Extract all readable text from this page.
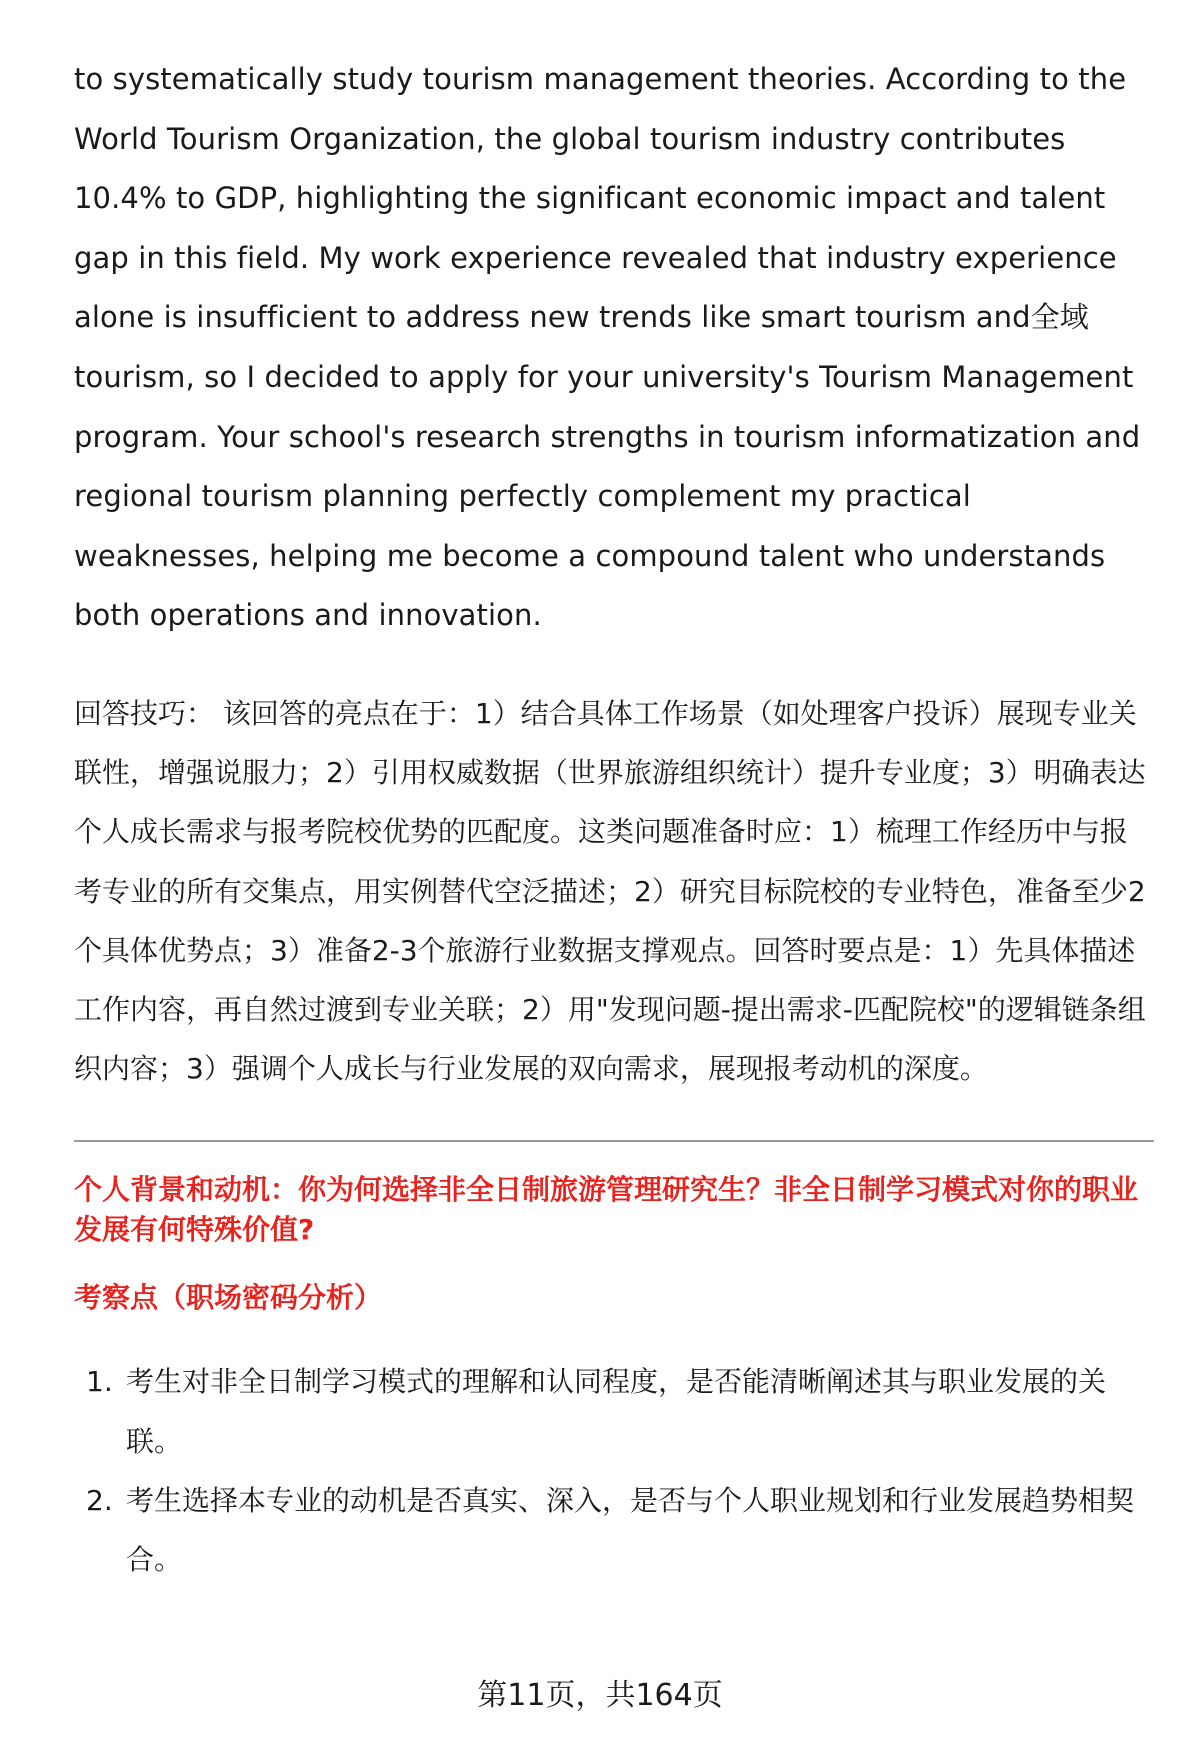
to systematically study tourism management theories. According to the World Tourism Organization, the global tourism industry contributes 10.4% to GDP, highlighting the significant economic impact and talent gap in this field. My work experience revealed that industry experience alone is insufficient to address new trends like smart tourism and全域 tourism, so I decided to apply for your university's Tourism Management program. Your school's research strengths in tourism informatization and regional tourism planning perfectly complement my practical weaknesses, helping me become a compound talent who understands both operations and innovation.

回答技巧： 该回答的亮点在于：1）结合具体工作场景（如处理客户投诉）展现专业关联性，增强说服力；2）引用权威数据（世界旅游组织统计）提升专业度；3）明确表达个人成长需求与报考院校优势的匹配度。这类问题准备时应：1）梳理工作经历中与报考专业的所有交集点，用实例替代空泛描述；2）研究目标院校的专业特色，准备至少2个具体优势点；3）准备2-3个旅游行业数据支撑观点。回答时要点是：1）先具体描述工作内容，再自然过渡到专业关联；2）用"发现问题-提出需求-匹配院校"的逻辑链条组织内容；3）强调个人成长与行业发展的双向需求，展现报考动机的深度。

个人背景和动机：你为何选择非全日制旅游管理研究生？非全日制学习模式对你的职业发展有何特殊价值?
考察点（职场密码分析）
1. 考生对非全日制学习模式的理解和认同程度，是否能清晰阐述其与职业发展的关联。
2. 考生选择本专业的动机是否真实、深入，是否与个人职业规划和行业发展趋势相契合。
第11页，共164页
